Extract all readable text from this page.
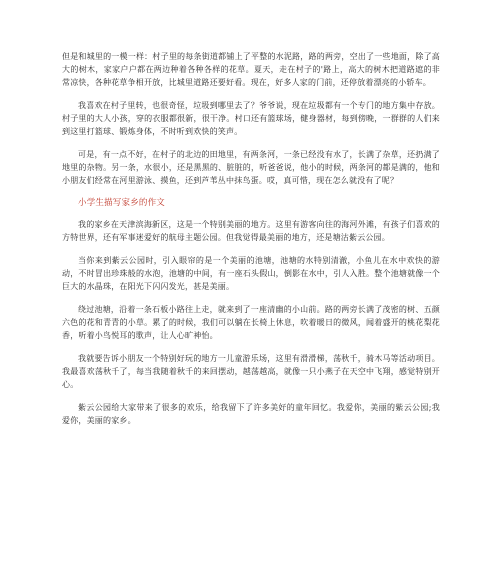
但是和城里的一模一样：村子里的每条街道都铺上了平整的水泥路，路的两旁，空出了一些地面，除了高大的树木，家家户户都在两边种着各种各样的花草。夏天，走在村子的'路上，高大的树木把道路遮的非常凉快，各种花草争相开放，比城里道路还要好看。现在，好多人家的门前，还停放着漂亮的小轿车。

我喜欢在村子里转，也很奇怪，垃圾到哪里去了？爷爷说，现在垃圾都有一个专门的地方集中存放。村子里的大人小孩，穿的衣服都很新，很干净。村口还有篮球场，健身器材，每到傍晚，一群群的人们来到这里打篮球、锻炼身体，不时听到欢快的笑声。

可是，有一点不好，在村子的北边的田地里，有两条河，一条已经没有水了，长满了杂草，还扔满了地里的杂物。另一条，水很小，还是黑黑的、脏脏的，听爸爸说，他小的时候，两条河的都是满的，他和小朋友们经常在河里游泳、摸鱼，还到芦苇丛中抹鸟蛋。哎，真可惜，现在怎么就没有了呢？

小学生描写家乡的作文

我的家乡在天津滨海新区，这是一个特别美丽的地方。这里有游客向往的海河外滩，有孩子们喜欢的方特世界，还有军事迷爱好的航母主题公园。但我觉得最美丽的地方，还是塘沽紫云公园。

当你来到紫云公园时，引入眼帘的是一个美丽的池塘，池塘的水特别清澈，小鱼儿在水中欢快的游动，不时冒出珍珠般的水泡，池塘的中间，有一座石头假山，倒影在水中，引人入胜。整个池塘就像一个巨大的水晶珠，在阳光下闪闪发光，甚是美丽。

绕过池塘，沿着一条石板小路往上走，就来到了一座清幽的小山前。路的两旁长满了茂密的树、五颜六色的花和青青的小草。累了的时候，我们可以躺在长椅上休息，吹着暖日的微风，闻着盛开的桃花梨花香，听着小鸟悦耳的歌声，让人心旷神怡。

我就要告诉小朋友一个特别好玩的地方一儿童游乐场，这里有滑滑梯，荡秋千，骑木马等活动项目。我最喜欢荡秋千了，每当我随着秋千的来回摆动，越荡越高，就像一只小燕子在天空中飞翔，感觉特别开心。

紫云公园给大家带来了很多的欢乐，给我留下了许多美好的童年回忆。我爱你，美丽的紫云公园;我爱你，美丽的家乡。
